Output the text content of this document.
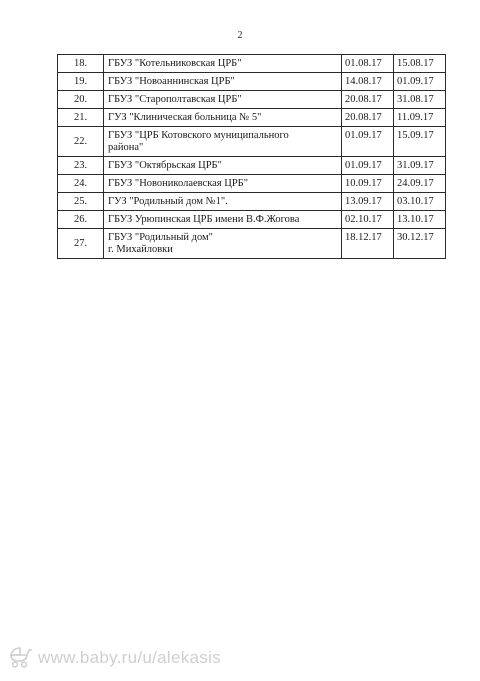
2
18.	ГБУЗ "Котельниковская ЦРБ"	01.08.17	15.08.17
19.	ГБУЗ "Новоаннинская ЦРБ"	14.08.17	01.09.17
20.	ГБУЗ "Старополтавская ЦРБ"	20.08.17	31.08.17
21.	ГУЗ "Клиническая больница № 5"	20.08.17	11.09.17
22.	ГБУЗ "ЦРБ Котовского муниципального
района"	01.09.17	15.09.17
23.	ГБУЗ "Октябрьская ЦРБ"	01.09.17	31.09.17
24.	ГБУЗ "Новониколаевская ЦРБ"	10.09.17	24.09.17
25.	ГУЗ "Родильный дом №1".	13.09.17	03.10.17
26.	ГБУЗ Урюпинская ЦРБ имени В.Ф.Жогова	02.10.17	13.10.17
27.	ГБУЗ "Родильный дом"
г. Михайловки	18.12.17	30.12.17
www.baby.ru/u/alekasis
